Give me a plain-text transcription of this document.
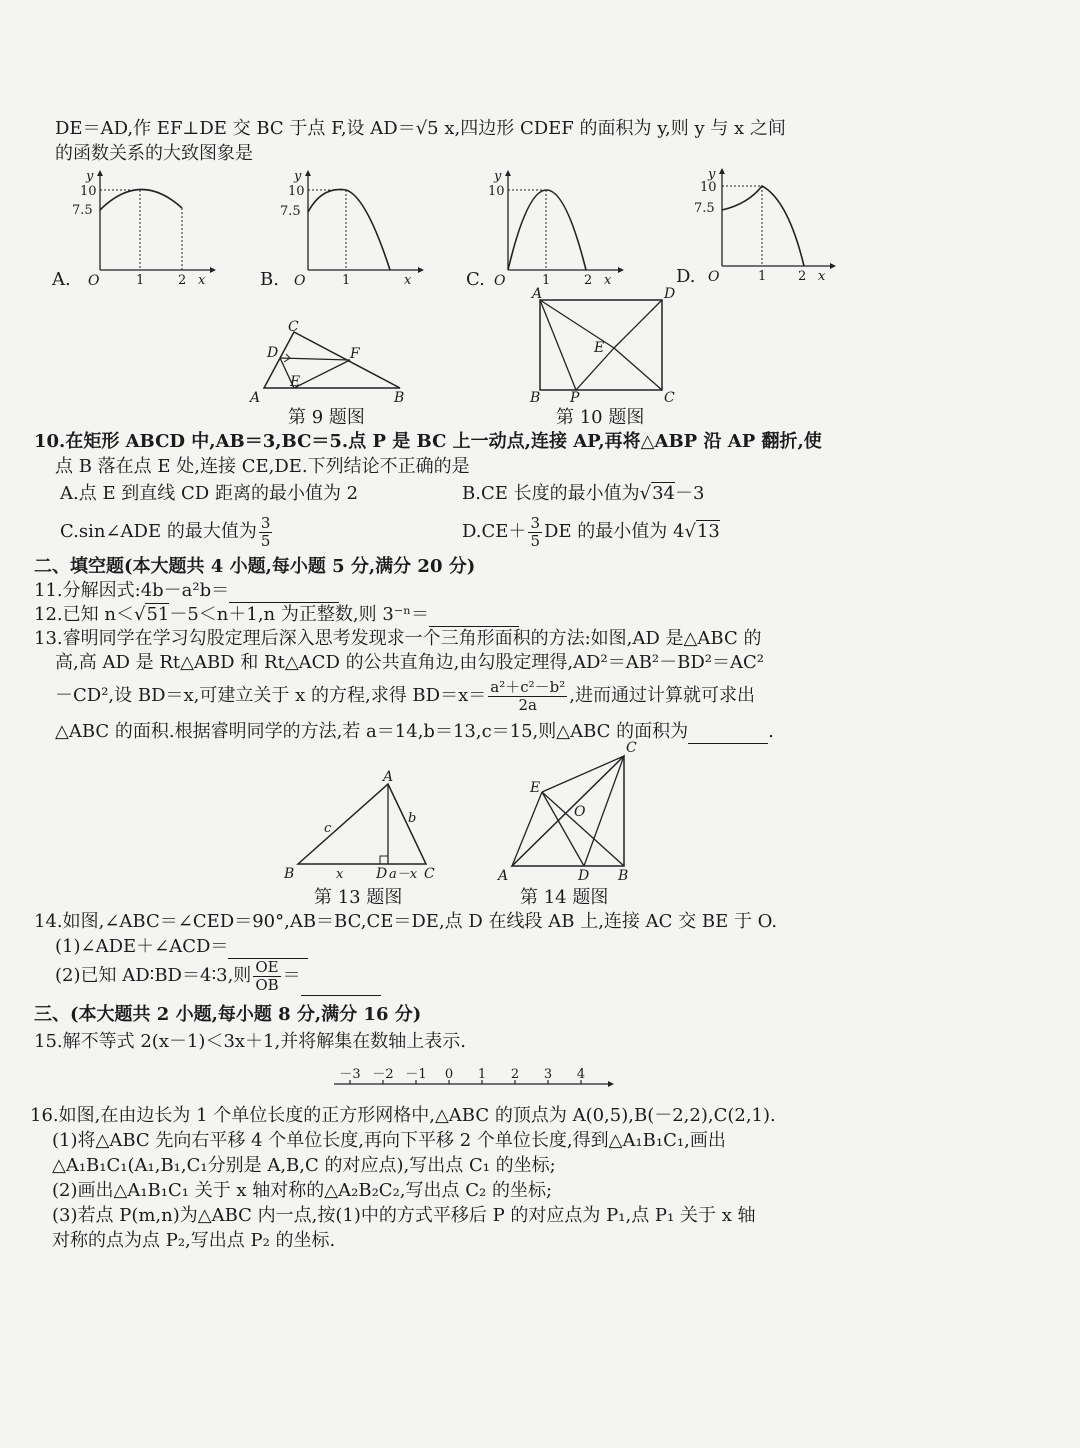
DE＝AD,作 EF⊥DE 交 BC 于点 F,设 AD＝√5 x,四边形 CDEF 的面积为 y,则 y 与 x 之间
的函数关系的大致图象是
A.
y
10
7.5
O	1	2 x	B.
y
10
7.5
O	1	x	C.
y
10
O	1	2 x	D.
y
10
7.5
O	1 2 x
A
C
D
E
F
B
第 9 题图
A	D
E
B P	C
第 10 题图
10.在矩形 ABCD 中,AB＝3,BC＝5.点 P 是 BC 上一动点,连接 AP,再将△ABP 沿 AP 翻折,使
点 B 落在点 E 处,连接 CE,DE.下列结论不正确的是
A.点 E 到直线 CD 距离的最小值为 2	B.CE 长度的最小值为√34－3
C.sin∠ADE 的最大值为 $\frac{3}{5}$	$D.CE+ \frac{3}{5}$ DE 的最小值为 4√13
二、填空题(本大题共 4 小题,每小题 5 分,满分 20 分)
11.分解因式:4b－a²b＝
12.已知 n＜√51－5＜n＋1,n 为正整数,则 3⁻ⁿ＝
13.睿明同学在学习勾股定理后深入思考发现求一个三角形面积的方法:如图,AD 是△ABC 的
高,高 AD 是 Rt△ABD 和 Rt△ACD 的公共直角边,由勾股定理得,AD²＝AB²－BD²＝AC²
－CD²,设 BD＝x,可建立关于 x 的方程,求得 $BD=x= \frac{\text{a²＋c²－b²}}{2a}$ ,进而通过计算就可求出
△ABC 的面积.根据睿明同学的方法,若 a＝14,b＝13,c＝15,则△ABC 的面积为	.
A
B	D	C
c
b
x	a－x
第 13 题图
C
E
O
A	D B
第 14 题图
14.如图,∠ABC＝∠CED＝90°,AB＝BC,CE＝DE,点 D 在线段 AB 上,连接 AC 交 BE 于 O.
(1)∠ADE＋∠ACD＝
(2)已知 AD∶BD＝4∶3,则 $\frac{OE}{OB}$ ＝
三、(本大题共 2 小题,每小题 8 分,满分 16 分)
15.解不等式 2(x－1)＜3x＋1,并将解集在数轴上表示.
－3 －2 －1 0 1 2 3 4
16.如图,在由边长为 1 个单位长度的正方形网格中,△ABC 的顶点为 A(0,5),B(－2,2),C(2,1).
(1)将△ABC 先向右平移 4 个单位长度,再向下平移 2 个单位长度,得到△A₁B₁C₁,画出
△A₁B₁C₁(A₁,B₁,C₁分别是 A,B,C 的对应点),写出点 C₁ 的坐标;
(2)画出△A₁B₁C₁ 关于 x 轴对称的△A₂B₂C₂,写出点 C₂ 的坐标;
(3)若点 P(m,n)为△ABC 内一点,按(1)中的方式平移后 P 的对应点为 P₁,点 P₁ 关于 x 轴
对称的点为点 P₂,写出点 P₂ 的坐标.
